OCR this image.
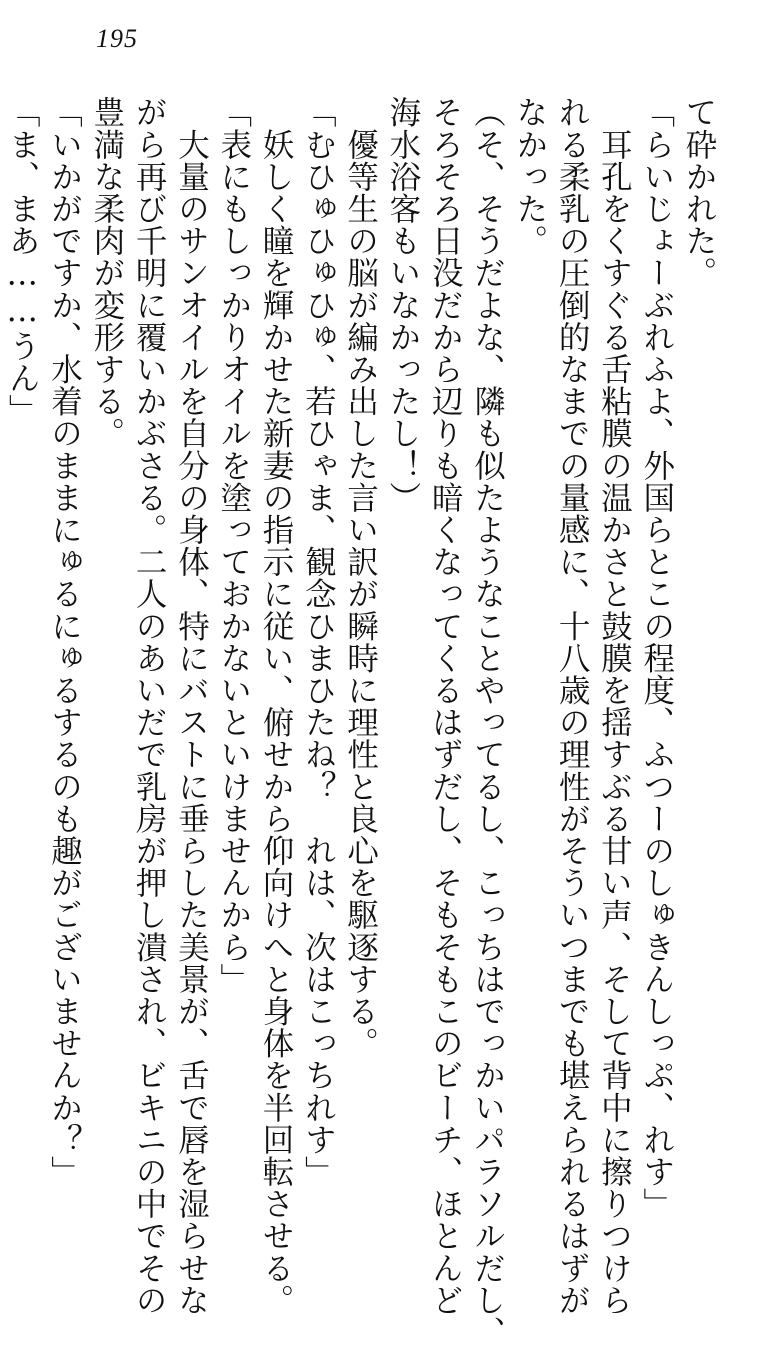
195
て砕かれた。
「らいじょーぶれふよ、外国らとこの程度、ふつーのしゅきんしっぷ、れす」
　耳孔をくすぐる舌粘膜の温かさと鼓膜を揺すぶる甘い声、そして背中に擦りつけら
れる柔乳の圧倒的なまでの量感に、十八歳の理性がそういつまでも堪えられるはずが
なかった。
（そ、そうだよな、隣も似たようなことやってるし、こっちはでっかいパラソルだし、
そろそろ日没だから辺りも暗くなってくるはずだし、そもそもこのビーチ、ほとんど
海水浴客もいなかったし！）
　優等生の脳が編み出した言い訳が瞬時に理性と良心を駆逐する。
「むひゅひゅひゅ、若ひゃま、観念ひまひたね？　れは、次はこっちれす」
　妖しく瞳を輝かせた新妻の指示に従い、俯せから仰向けへと身体を半回転させる。
「表にもしっかりオイルを塗っておかないといけませんから」
　大量のサンオイルを自分の身体、特にバストに垂らした美景が、舌で唇を湿らせな
がら再び千明に覆いかぶさる。二人のあいだで乳房が押し潰され、ビキニの中でその
豊満な柔肉が変形する。
「いかがですか、水着のままにゅるにゅるするのも趣がございませんか？」
「ま、まあ……うん」
